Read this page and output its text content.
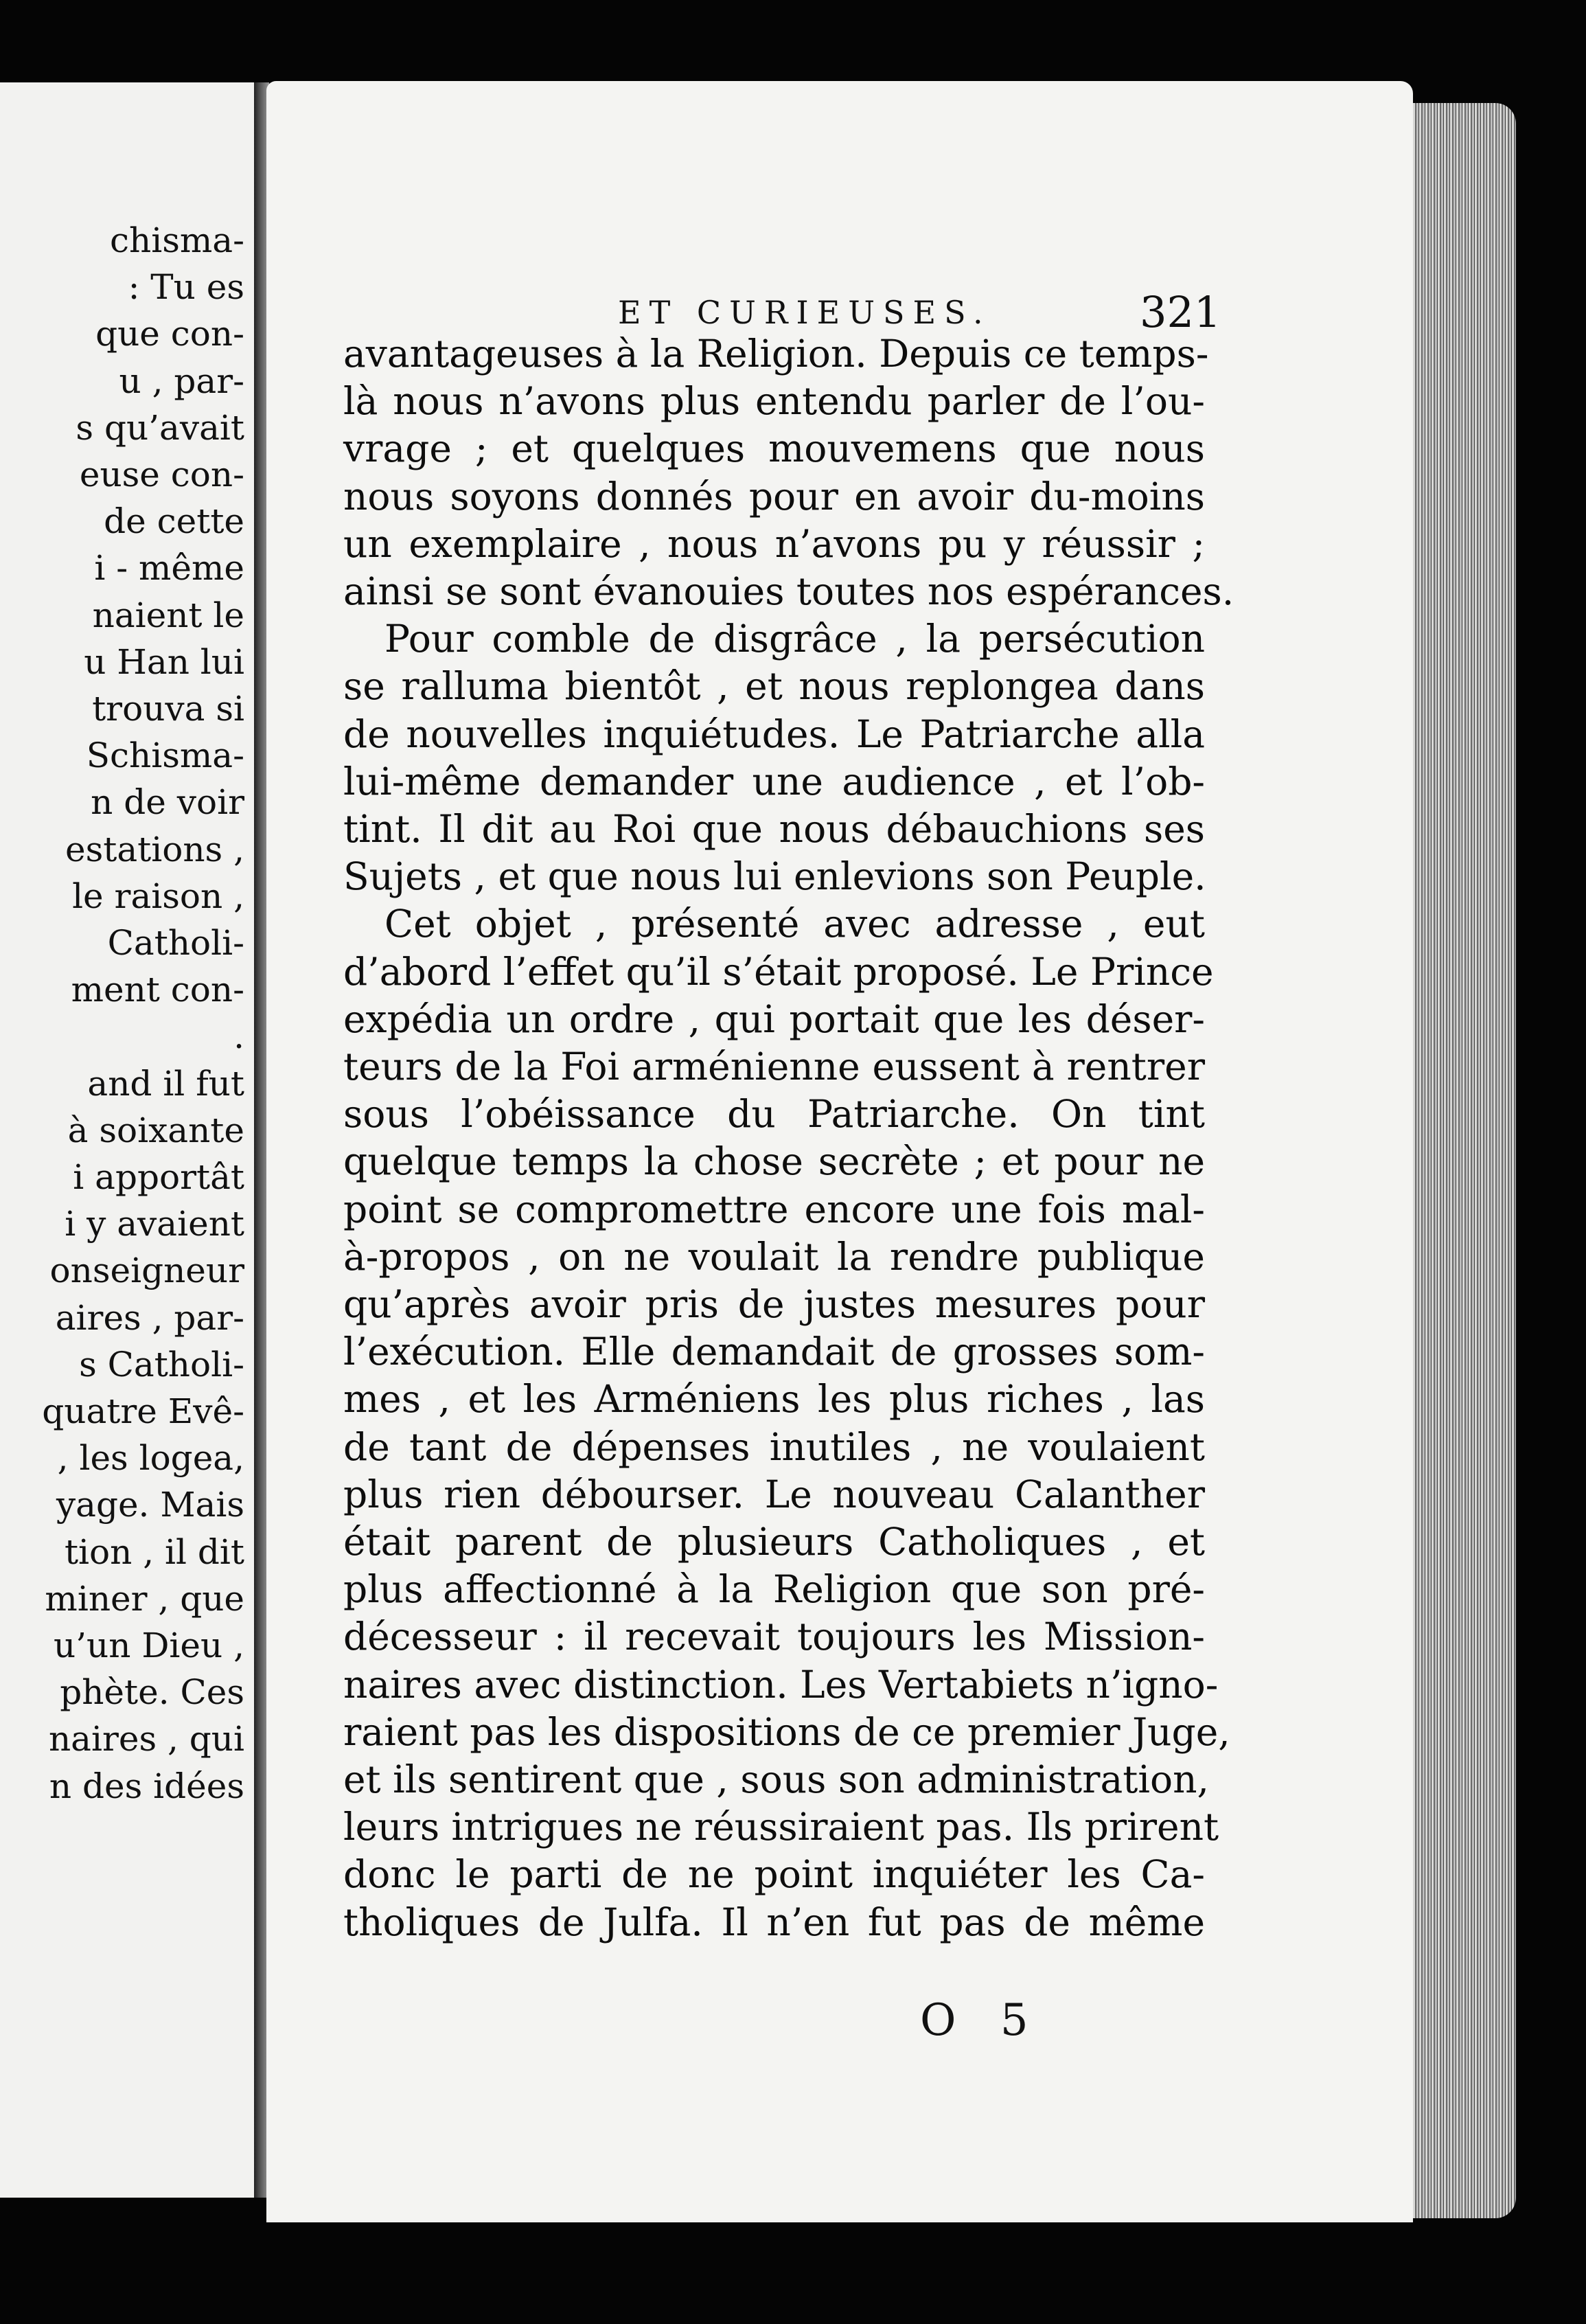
chisma-
: Tu es
que con-
u , par-
s qu’avait
euse con-
de cette
i - même
naient le
u Han lui
trouva si
Schisma-
n de voir
estations ,
le raison ,
Catholi-
ment con-
.
and il fut
à soixante
i apportât
i y avaient
onseigneur
aires , par-
s Catholi-
quatre Evê-
, les logea,
yage. Mais
tion , il dit
miner , que
u’un Dieu ,
phète. Ces
naires , qui
n des idées
ET CURIEUSES.	321
avantageuses à la Religion. Depuis ce temps-
là nous n’avons plus entendu parler de l’ou-
vrage ; et quelques mouvemens que nous
nous soyons donnés pour en avoir du-moins
un exemplaire , nous n’avons pu y réussir ;
ainsi se sont évanouies toutes nos espérances.
Pour comble de disgrâce , la persécution
se ralluma bientôt , et nous replongea dans
de nouvelles inquiétudes. Le Patriarche alla
lui-même demander une audience , et l’ob-
tint. Il dit au Roi que nous débauchions ses
Sujets , et que nous lui enlevions son Peuple.
Cet objet , présenté avec adresse , eut
d’abord l’effet qu’il s’était proposé. Le Prince
expédia un ordre , qui portait que les déser-
teurs de la Foi arménienne eussent à rentrer
sous l’obéissance du Patriarche. On tint
quelque temps la chose secrète ; et pour ne
point se compromettre encore une fois mal-
à-propos , on ne voulait la rendre publique
qu’après avoir pris de justes mesures pour
l’exécution. Elle demandait de grosses som-
mes , et les Arméniens les plus riches , las
de tant de dépenses inutiles , ne voulaient
plus rien débourser. Le nouveau Calanther
était parent de plusieurs Catholiques , et
plus affectionné à la Religion que son pré-
décesseur : il recevait toujours les Mission-
naires avec distinction. Les Vertabiets n’igno-
raient pas les dispositions de ce premier Juge,
et ils sentirent que , sous son administration,
leurs intrigues ne réussiraient pas. Ils prirent
donc le parti de ne point inquiéter les Ca-
tholiques de Julfa. Il n’en fut pas de même
O 5
